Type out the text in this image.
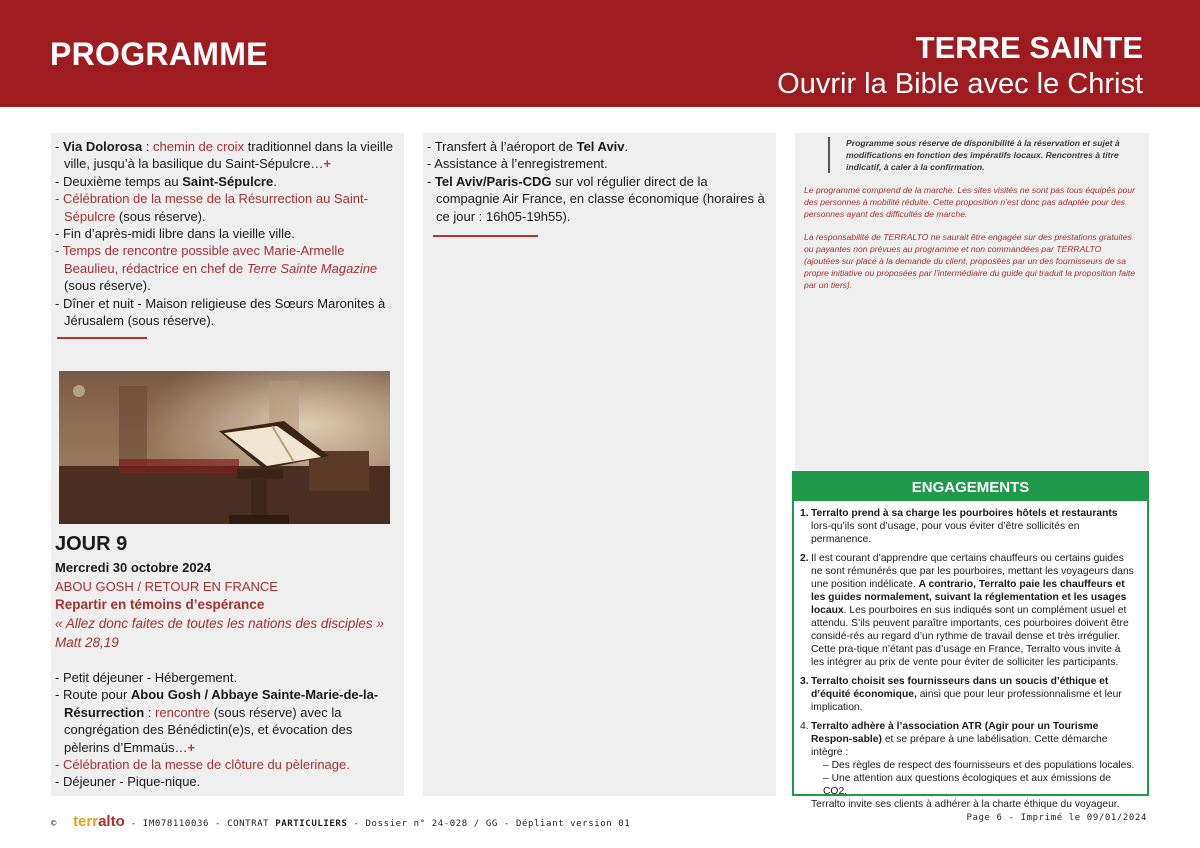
PROGRAMME	TERRE SAINTE
Ouvrir la Bible avec le Christ
- Via Dolorosa : chemin de croix traditionnel dans la vieille ville, jusqu’à la basilique du Saint-Sépulcre…+
- Deuxième temps au Saint-Sépulcre.
- Célébration de la messe de la Résurrection au Saint-Sépulcre (sous réserve).
- Fin d’après-midi libre dans la vieille ville.
- Temps de rencontre possible avec Marie-Armelle Beaulieu, rédactrice en chef de Terre Sainte Magazine (sous réserve).
- Dîner et nuit - Maison religieuse des Sœurs Maronites à Jérusalem (sous réserve).
JOUR 9
Mercredi 30 octobre 2024
ABOU GOSH / RETOUR EN FRANCE
Repartir en témoins d’espérance
« Allez donc faites de toutes les nations des disciples » Matt 28,19
- Petit déjeuner - Hébergement.
- Route pour Abou Gosh / Abbaye Sainte-Marie-de-la-Résurrection : rencontre (sous réserve) avec la congrégation des Bénédictin(e)s, et évocation des pèlerins d’Emmaüs…+
- Célébration de la messe de clôture du pèlerinage.
- Déjeuner - Pique-nique.
- Transfert à l’aéroport de Tel Aviv.
- Assistance à l’enregistrement.
- Tel Aviv/Paris-CDG sur vol régulier direct de la compagnie Air France, en classe économique (horaires à ce jour : 16h05-19h55).
Programme sous réserve de disponibilité à la réservation et sujet à modifications en fonction des impératifs locaux. Rencontres à titre indicatif, à caler à la confirmation.
Le programme comprend de la marche. Les sites visités ne sont pas tous équipés pour des personnes à mobilité réduite. Cette proposition n’est donc pas adaptée pour des personnes ayant des difficultés de marche.
La responsabilité de TERRALTO ne saurait être engagée sur des prestations gratuites ou payantes non prévues au programme et non commandées par TERRALTO (ajoutées sur place à la demande du client, proposées par un des fournisseurs de sa propre initiative ou proposées par l’intermédiaire du guide qui traduit la proposition faite par un tiers).
ENGAGEMENTS
1. Terralto prend à sa charge les pourboires hôtels et restaurants lors-qu’ils sont d’usage, pour vous éviter d’être sollicités en permanence.
2. Il est courant d’apprendre que certains chauffeurs ou certains guides ne sont rémunérés que par les pourboires, mettant les voyageurs dans une position indélicate. A contrario, Terralto paie les chauffeurs et les guides normalement, suivant la réglementation et les usages locaux. Les pourboires en sus indiqués sont un complément usuel et attendu. S’ils peuvent paraître importants, ces pourboires doivent être considé-rés au regard d’un rythme de travail dense et très irrégulier. Cette pra-tique n’étant pas d’usage en France, Terralto vous invite à les intégrer au prix de vente pour éviter de solliciter les participants.
3. Terralto choisit ses fournisseurs dans un soucis d’éthique et d’équité économique, ainsi que pour leur professionnalisme et leur implication.
4. Terralto adhère à l’association ATR (Agir pour un Tourisme Respon-sable) et se prépare à une labélisation. Cette démarche intègre :
– Des règles de respect des fournisseurs et des populations locales.
– Une attention aux questions écologiques et aux émissions de CO2.
Terralto invite ses clients à adhérer à la charte éthique du voyageur.
© terralto - IM078110036 - CONTRAT PARTICULIERS - Dossier n° 24-028 / GG - Dépliant version 01
Page 6 - Imprimé le 09/01/2024
